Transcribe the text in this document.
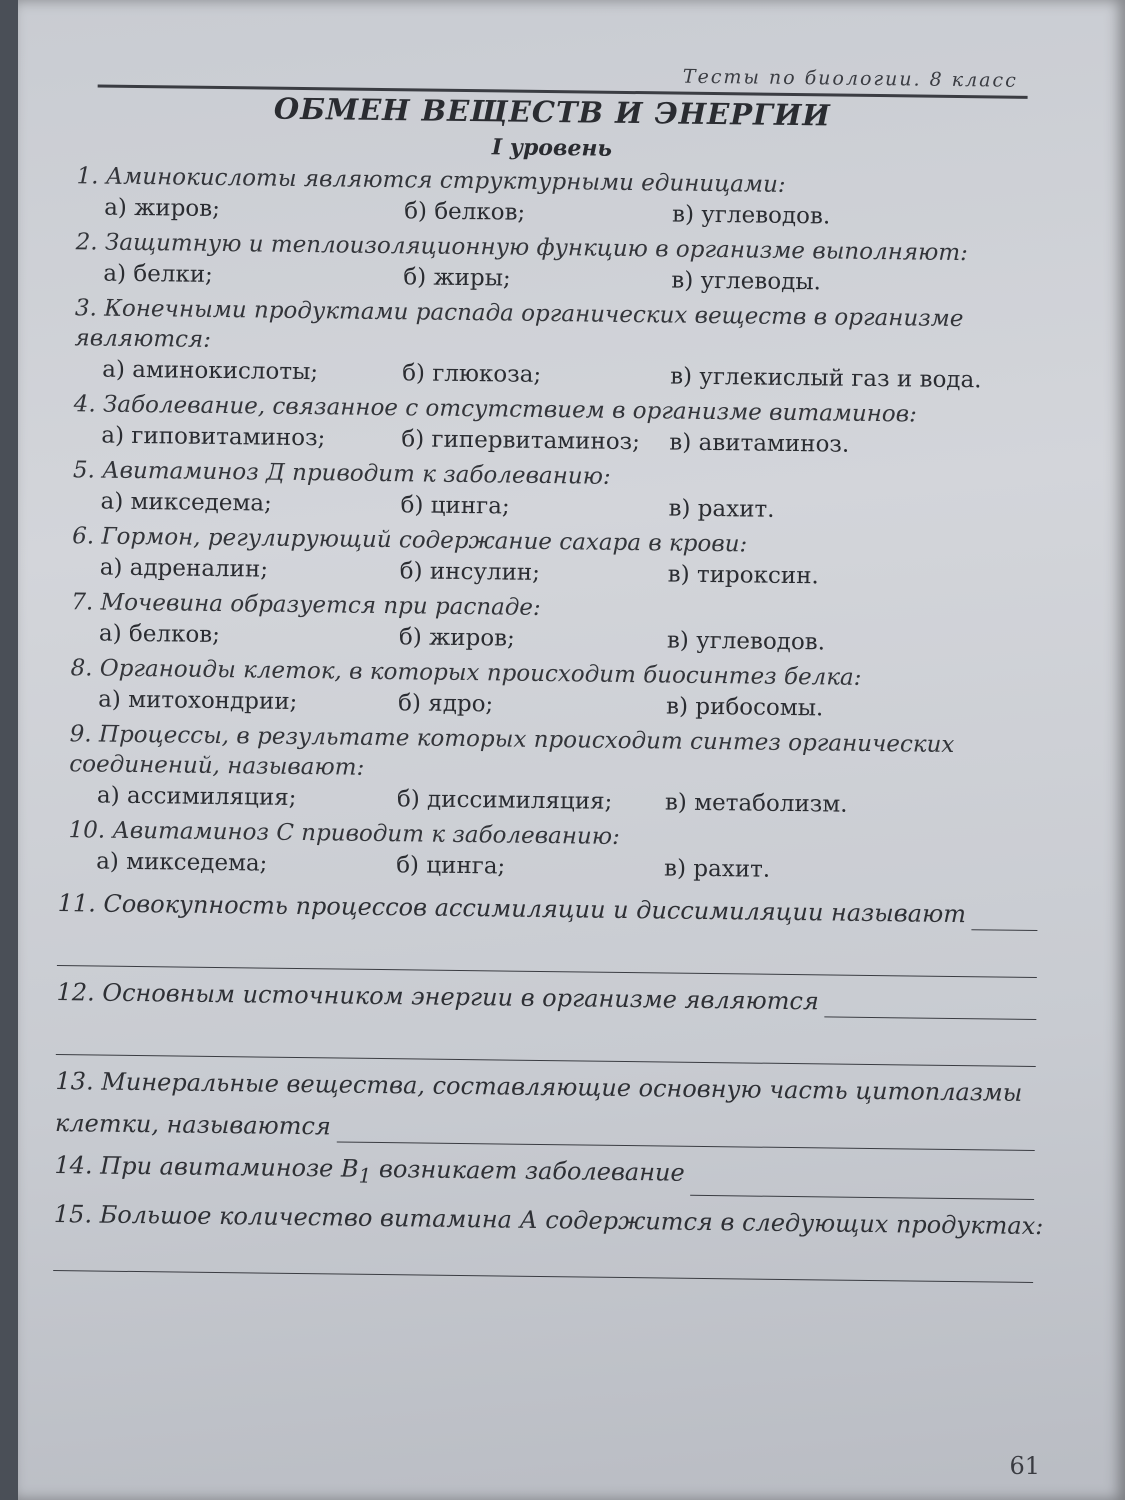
Тесты по биологии. 8 класс
ОБМЕН ВЕЩЕСТВ И ЭНЕРГИИ
I уровень
1. Аминокислоты являются структурными единицами:
а) жиров;	б) белков;	в) углеводов.
2. Защитную и теплоизоляционную функцию в организме выполняют:
а) белки;	б) жиры;	в) углеводы.
3. Конечными продуктами распада органических веществ в организме являются:
а) аминокислоты;	б) глюкоза;	в) углекислый газ и вода.
4. Заболевание, связанное с отсутствием в организме витаминов:
а) гиповитаминоз;	б) гипервитаминоз;	в) авитаминоз.
5. Авитаминоз Д приводит к заболеванию:
а) микседема;	б) цинга;	в) рахит.
6. Гормон, регулирующий содержание сахара в крови:
а) адреналин;	б) инсулин;	в) тироксин.
7. Мочевина образуется при распаде:
а) белков;	б) жиров;	в) углеводов.
8. Органоиды клеток, в которых происходит биосинтез белка:
а) митохондрии;	б) ядро;	в) рибосомы.
9. Процессы, в результате которых происходит синтез органических соединений, называют:
а) ассимиляция;	б) диссимиляция;	в) метаболизм.
10. Авитаминоз С приводит к заболеванию:
а) микседема;	б) цинга;	в) рахит.
11. Совокупность процессов ассимиляции и диссимиляции называют
12. Основным источником энергии в организме являются
13. Минеральные вещества, составляющие основную часть цитоплазмы
клетки, называются
14. При авитаминозе $В_1$ возникает заболевание
15. Большое количество витамина А содержится в следующих продуктах:
61
